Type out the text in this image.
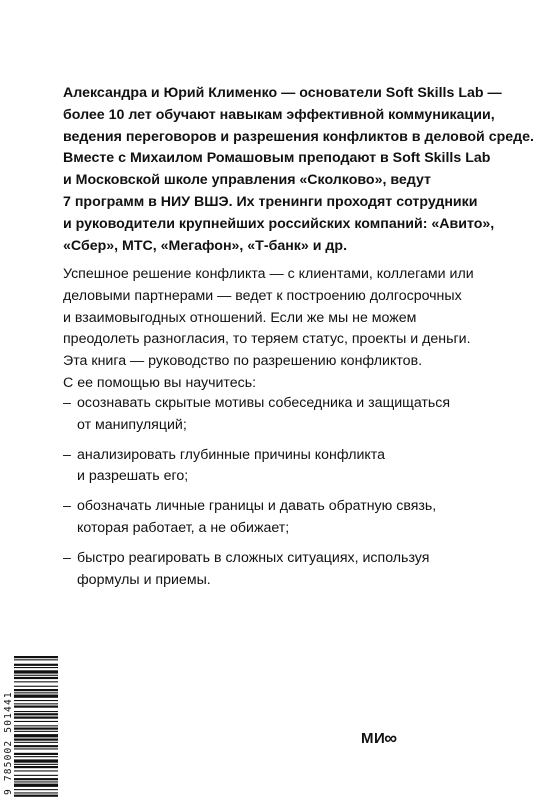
Александра и Юрий Клименко — основатели Soft Skills Lab —
более 10 лет обучают навыкам эффективной коммуникации,
ведения переговоров и разрешения конфликтов в деловой среде.
Вместе с Михаилом Ромашовым преподают в Soft Skills Lab
и Московской школе управления «Сколково», ведут
7 программ в НИУ ВШЭ. Их тренинги проходят сотрудники
и руководители крупнейших российских компаний: «Авито»,
«Сбер», МТС, «Мегафон», «Т-банк» и др.
Успешное решение конфликта — с клиентами, коллегами или
деловыми партнерами — ведет к построению долгосрочных
и взаимовыгодных отношений. Если же мы не можем
преодолеть разногласия, то теряем статус, проекты и деньги.
Эта книга — руководство по разрешению конфликтов.
С ее помощью вы научитесь:
– осознавать скрытые мотивы собеседника и защищаться
от манипуляций;
– анализировать глубинные причины конфликта
и разрешать его;
– обозначать личные границы и давать обратную связь,
которая работает, а не обижает;
– быстро реагировать в сложных ситуациях, используя
формулы и приемы.
9 785002 501441	МИ∞
